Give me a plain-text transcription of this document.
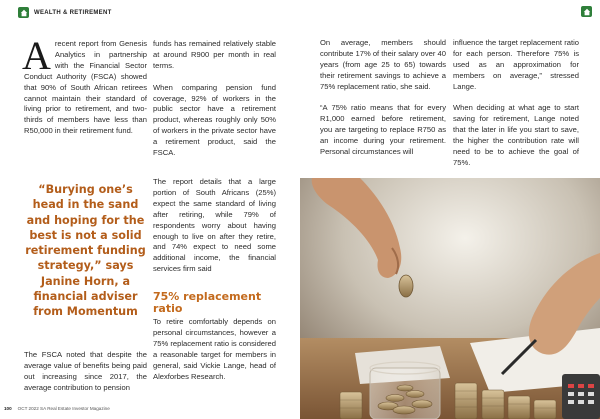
WEALTH & RETIREMENT

A recent report from Genesis Analytics in partnership with the Financial Sector Conduct Authority (FSCA) showed that 90% of South African retirees cannot maintain their standard of living prior to retirement, and two-thirds of members have less than R50,000 in their retirement fund.

“Burying one’s head in the sand and hoping for the best is not a solid retirement funding strategy,” says Janine Horn, a financial adviser from Momentum

The FSCA noted that despite the average value of benefits being paid out increasing since 2017, the average contribution to pension

funds has remained relatively stable at around R900 per month in real terms.

When comparing pension fund coverage, 92% of workers in the public sector have a retirement product, whereas roughly only 50% of workers in the private sector have a retirement product, said the FSCA.

The report details that a large portion of South Africans (25%) expect the same standard of living after retiring, while 79% of respondents worry about having enough to live on after they retire, and 74% expect to need some additional income, the financial services firm said

75% replacement ratio

To retire comfortably depends on personal circumstances, however a 75% replacement ratio is considered a reasonable target for members in general, said Vickie Lange, head of Alexforbes Research.

On average, members should contribute 17% of their salary over 40 years (from age 25 to 65) towards their retirement savings to achieve a 75% replacement ratio, she said.

“A 75% ratio means that for every R1,000 earned before retirement, you are targeting to replace R750 as an income during your retirement. Personal circumstances will

influence the target replacement ratio for each person. Therefore 75% is used as an approximation for members on average,” stressed Lange.

When deciding at what age to start saving for retirement, Lange noted that the later in life you start to save, the higher the contribution rate will need to be to achieve the goal of 75%.

100 OCT 2022 SA Real Estate Investor Magazine
